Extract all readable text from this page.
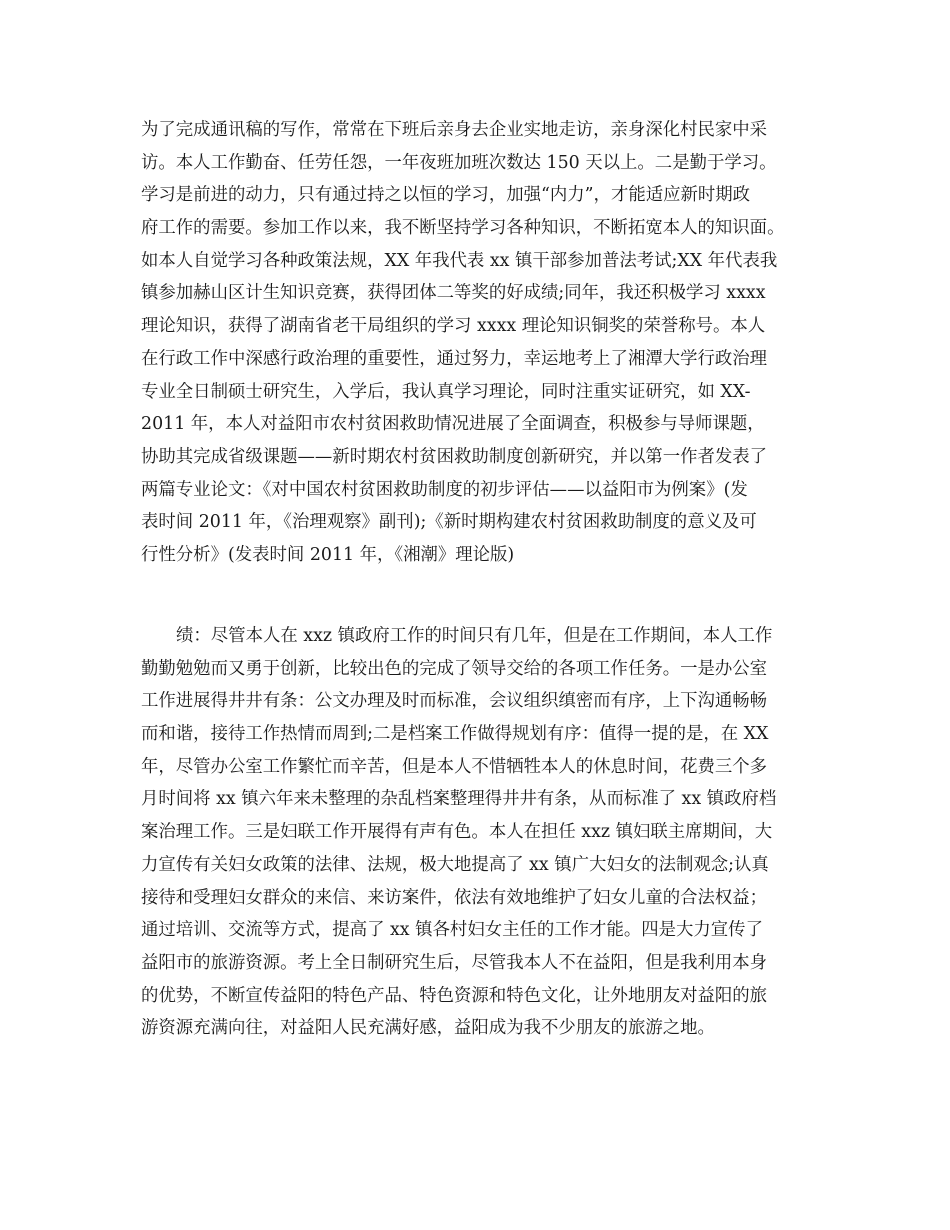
为了完成通讯稿的写作，常常在下班后亲身去企业实地走访，亲身深化村民家中采
访。本人工作勤奋、任劳任怨，一年夜班加班次数达 150 天以上。二是勤于学习。
学习是前进的动力，只有通过持之以恒的学习，加强“内力”，才能适应新时期政
府工作的需要。参加工作以来，我不断坚持学习各种知识，不断拓宽本人的知识面。
如本人自觉学习各种政策法规，XX 年我代表 xx 镇干部参加普法考试;XX 年代表我
镇参加赫山区计生知识竞赛，获得团体二等奖的好成绩;同年，我还积极学习 xxxx
理论知识，获得了湖南省老干局组织的学习 xxxx 理论知识铜奖的荣誉称号。本人
在行政工作中深感行政治理的重要性，通过努力，幸运地考上了湘潭大学行政治理
专业全日制硕士研究生，入学后，我认真学习理论，同时注重实证研究，如 XX-
2011 年，本人对益阳市农村贫困救助情况进展了全面调查，积极参与导师课题，
协助其完成省级课题——新时期农村贫困救助制度创新研究，并以第一作者发表了
两篇专业论文：《对中国农村贫困救助制度的初步评估——以益阳市为例案》(发
表时间 2011 年，《治理观察》副刊);《新时期构建农村贫困救助制度的意义及可
行性分析》(发表时间 2011 年，《湘潮》理论版)
绩：尽管本人在 xxz 镇政府工作的时间只有几年，但是在工作期间，本人工作
勤勤勉勉而又勇于创新，比较出色的完成了领导交给的各项工作任务。一是办公室
工作进展得井井有条：公文办理及时而标准，会议组织缜密而有序，上下沟通畅畅
而和谐，接待工作热情而周到;二是档案工作做得规划有序：值得一提的是，在 XX
年，尽管办公室工作繁忙而辛苦，但是本人不惜牺牲本人的休息时间，花费三个多
月时间将 xx 镇六年来未整理的杂乱档案整理得井井有条，从而标准了 xx 镇政府档
案治理工作。三是妇联工作开展得有声有色。本人在担任 xxz 镇妇联主席期间，大
力宣传有关妇女政策的法律、法规，极大地提高了 xx 镇广大妇女的法制观念;认真
接待和受理妇女群众的来信、来访案件，依法有效地维护了妇女儿童的合法权益；
通过培训、交流等方式，提高了 xx 镇各村妇女主任的工作才能。四是大力宣传了
益阳市的旅游资源。考上全日制研究生后，尽管我本人不在益阳，但是我利用本身
的优势，不断宣传益阳的特色产品、特色资源和特色文化，让外地朋友对益阳的旅
游资源充满向往，对益阳人民充满好感，益阳成为我不少朋友的旅游之地。
